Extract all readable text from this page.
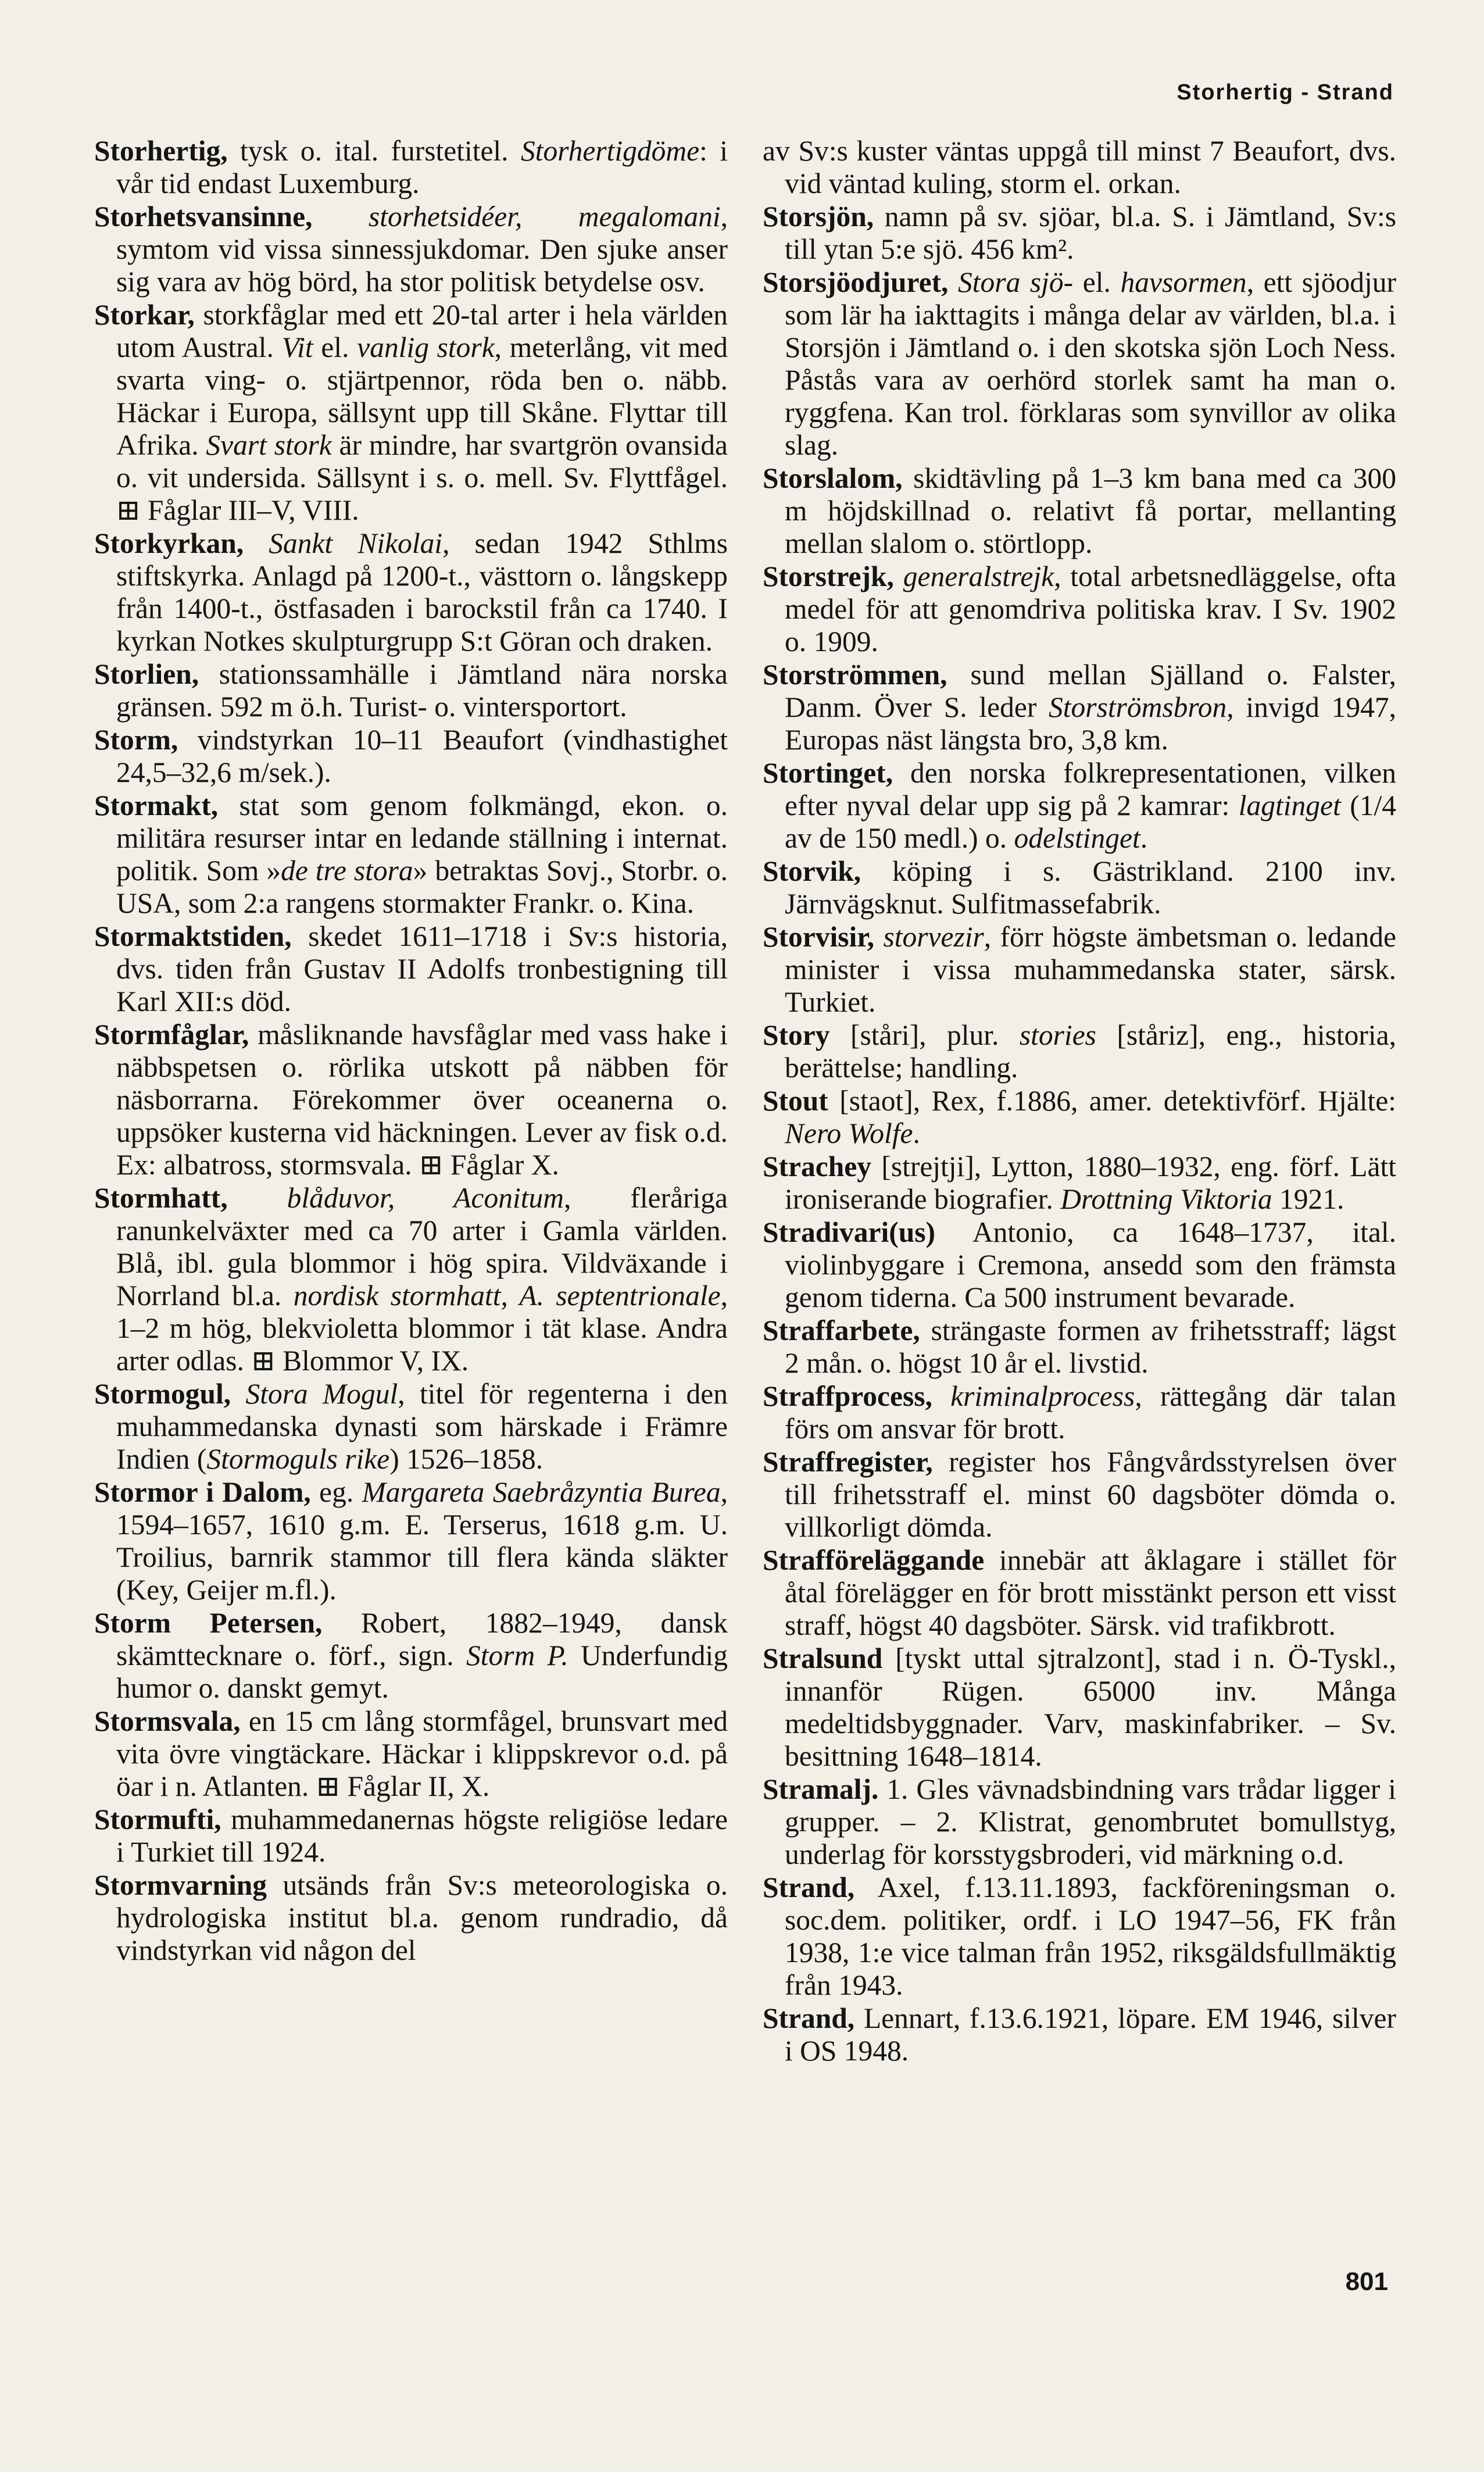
Storhertig - Strand

Storhertig, tysk o. ital. furstetitel. Storhertigdöme: i vår tid endast Luxemburg.

Storhetsvansinne, storhetsidéer, megalomani, symtom vid vissa sinnessjukdomar. Den sjuke anser sig vara av hög börd, ha stor politisk betydelse osv.

Storkar, storkfåglar med ett 20-tal arter i hela världen utom Austral. Vit el. vanlig stork, meterlång, vit med svarta ving- o. stjärtpennor, röda ben o. näbb. Häckar i Europa, sällsynt upp till Skåne. Flyttar till Afrika. Svart stork är mindre, har svartgrön ovansida o. vit undersida. Sällsynt i s. o. mell. Sv. Flyttfågel. ⊞ Fåglar III–V, VIII.

Storkyrkan, Sankt Nikolai, sedan 1942 Sthlms stiftskyrka. Anlagd på 1200-t., västtorn o. långskepp från 1400-t., östfasaden i barockstil från ca 1740. I kyrkan Notkes skulpturgrupp S:t Göran och draken.

Storlien, stationssamhälle i Jämtland nära norska gränsen. 592 m ö.h. Turist- o. vintersportort.

Storm, vindstyrkan 10–11 Beaufort (vindhastighet 24,5–32,6 m/sek.).

Stormakt, stat som genom folkmängd, ekon. o. militära resurser intar en ledande ställning i internat. politik. Som »de tre stora» betraktas Sovj., Storbr. o. USA, som 2:a rangens stormakter Frankr. o. Kina.

Stormaktstiden, skedet 1611–1718 i Sv:s historia, dvs. tiden från Gustav II Adolfs tronbestigning till Karl XII:s död.

Stormfåglar, måsliknande havsfåglar med vass hake i näbbspetsen o. rörlika utskott på näbben för näsborrarna. Förekommer över oceanerna o. uppsöker kusterna vid häckningen. Lever av fisk o.d. Ex: albatross, stormsvala. ⊞ Fåglar X.

Stormhatt, blåduvor, Aconitum, fleråriga ranunkelväxter med ca 70 arter i Gamla världen. Blå, ibl. gula blommor i hög spira. Vildväxande i Norrland bl.a. nordisk stormhatt, A. septentrionale, 1–2 m hög, blekvioletta blommor i tät klase. Andra arter odlas. ⊞ Blommor V, IX.

Stormogul, Stora Mogul, titel för regenterna i den muhammedanska dynasti som härskade i Främre Indien (Stormoguls rike) 1526–1858.

Stormor i Dalom, eg. Margareta Saebråzyntia Burea, 1594–1657, 1610 g.m. E. Terserus, 1618 g.m. U. Troilius, barnrik stammor till flera kända släkter (Key, Geijer m.fl.).

Storm Petersen, Robert, 1882–1949, dansk skämttecknare o. förf., sign. Storm P. Underfundig humor o. danskt gemyt.

Stormsvala, en 15 cm lång stormfågel, brunsvart med vita övre vingtäckare. Häckar i klippskrevor o.d. på öar i n. Atlanten. ⊞ Fåglar II, X.

Stormufti, muhammedanernas högste religiöse ledare i Turkiet till 1924.

Stormvarning utsänds från Sv:s meteorologiska o. hydrologiska institut bl.a. genom rundradio, då vindstyrkan vid någon del

av Sv:s kuster väntas uppgå till minst 7 Beaufort, dvs. vid väntad kuling, storm el. orkan.

Storsjön, namn på sv. sjöar, bl.a. S. i Jämtland, Sv:s till ytan 5:e sjö. 456 km².

Storsjöodjuret, Stora sjö- el. havsormen, ett sjöodjur som lär ha iakttagits i många delar av världen, bl.a. i Storsjön i Jämtland o. i den skotska sjön Loch Ness. Påstås vara av oerhörd storlek samt ha man o. ryggfena. Kan trol. förklaras som synvillor av olika slag.

Storslalom, skidtävling på 1–3 km bana med ca 300 m höjdskillnad o. relativt få portar, mellanting mellan slalom o. störtlopp.

Storstrejk, generalstrejk, total arbetsnedläggelse, ofta medel för att genomdriva politiska krav. I Sv. 1902 o. 1909.

Storströmmen, sund mellan Själland o. Falster, Danm. Över S. leder Storströmsbron, invigd 1947, Europas näst längsta bro, 3,8 km.

Stortinget, den norska folkrepresentationen, vilken efter nyval delar upp sig på 2 kamrar: lagtinget (1/4 av de 150 medl.) o. odelstinget.

Storvik, köping i s. Gästrikland. 2100 inv. Järnvägsknut. Sulfitmassefabrik.

Storvisir, storvezir, förr högste ämbetsman o. ledande minister i vissa muhammedanska stater, särsk. Turkiet.

Story [ståri], plur. stories [ståriz], eng., historia, berättelse; handling.

Stout [staot], Rex, f.1886, amer. detektivförf. Hjälte: Nero Wolfe.

Strachey [strejtji], Lytton, 1880–1932, eng. förf. Lätt ironiserande biografier. Drottning Viktoria 1921.

Stradivari(us) Antonio, ca 1648–1737, ital. violinbyggare i Cremona, ansedd som den främsta genom tiderna. Ca 500 instrument bevarade.

Straffarbete, strängaste formen av frihetsstraff; lägst 2 mån. o. högst 10 år el. livstid.

Straffprocess, kriminalprocess, rättegång där talan förs om ansvar för brott.

Straffregister, register hos Fångvårdsstyrelsen över till frihetsstraff el. minst 60 dagsböter dömda o. villkorligt dömda.

Strafföreläggande innebär att åklagare i stället för åtal förelägger en för brott misstänkt person ett visst straff, högst 40 dagsböter. Särsk. vid trafikbrott.

Stralsund [tyskt uttal sjtralzont], stad i n. Ö-Tyskl., innanför Rügen. 65000 inv. Många medeltidsbyggnader. Varv, maskinfabriker. – Sv. besittning 1648–1814.

Stramalj. 1. Gles vävnadsbindning vars trådar ligger i grupper. – 2. Klistrat, genombrutet bomullstyg, underlag för korsstygsbroderi, vid märkning o.d.

Strand, Axel, f.13.11.1893, fackföreningsman o. soc.dem. politiker, ordf. i LO 1947–56, FK från 1938, 1:e vice talman från 1952, riksgäldsfullmäktig från 1943.

Strand, Lennart, f.13.6.1921, löpare. EM 1946, silver i OS 1948.

801
